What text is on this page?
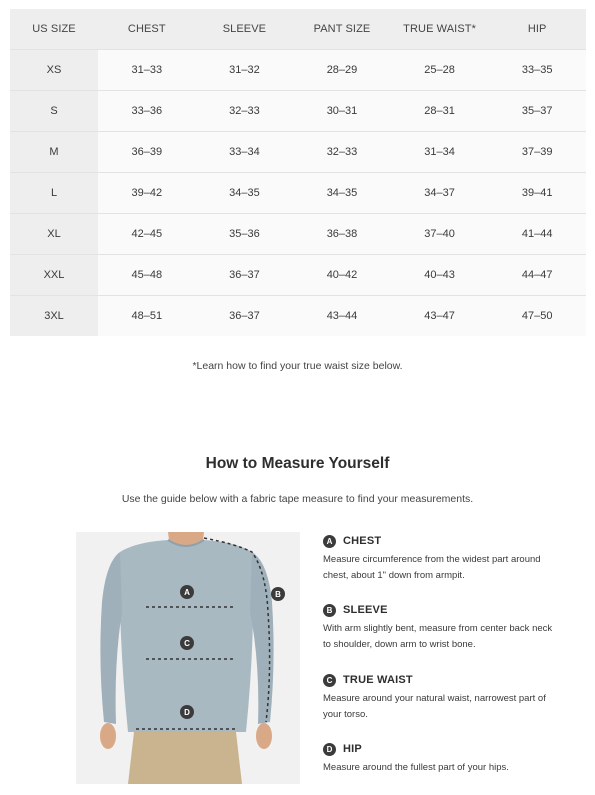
US SIZE	CHEST	SLEEVE	PANT SIZE	TRUE WAIST*	HIP
XS	31–33	31–32	28–29	25–28	33–35
S	33–36	32–33	30–31	28–31	35–37
M	36–39	33–34	32–33	31–34	37–39
L	39–42	34–35	34–35	34–37	39–41
XL	42–45	35–36	36–38	37–40	41–44
XXL	45–48	36–37	40–42	40–43	44–47
3XL	48–51	36–37	43–44	43–47	47–50
*Learn how to find your true waist size below.
How to Measure Yourself
Use the guide below with a fabric tape measure to find your measurements.
A	B
C
D
A CHEST
Measure circumference from the widest part around chest, about 1" down from armpit.
B SLEEVE
With arm slightly bent, measure from center back neck to shoulder, down arm to wrist bone.
C TRUE WAIST
Measure around your natural waist, narrowest part of your torso.
D HIP
Measure around the fullest part of your hips.
